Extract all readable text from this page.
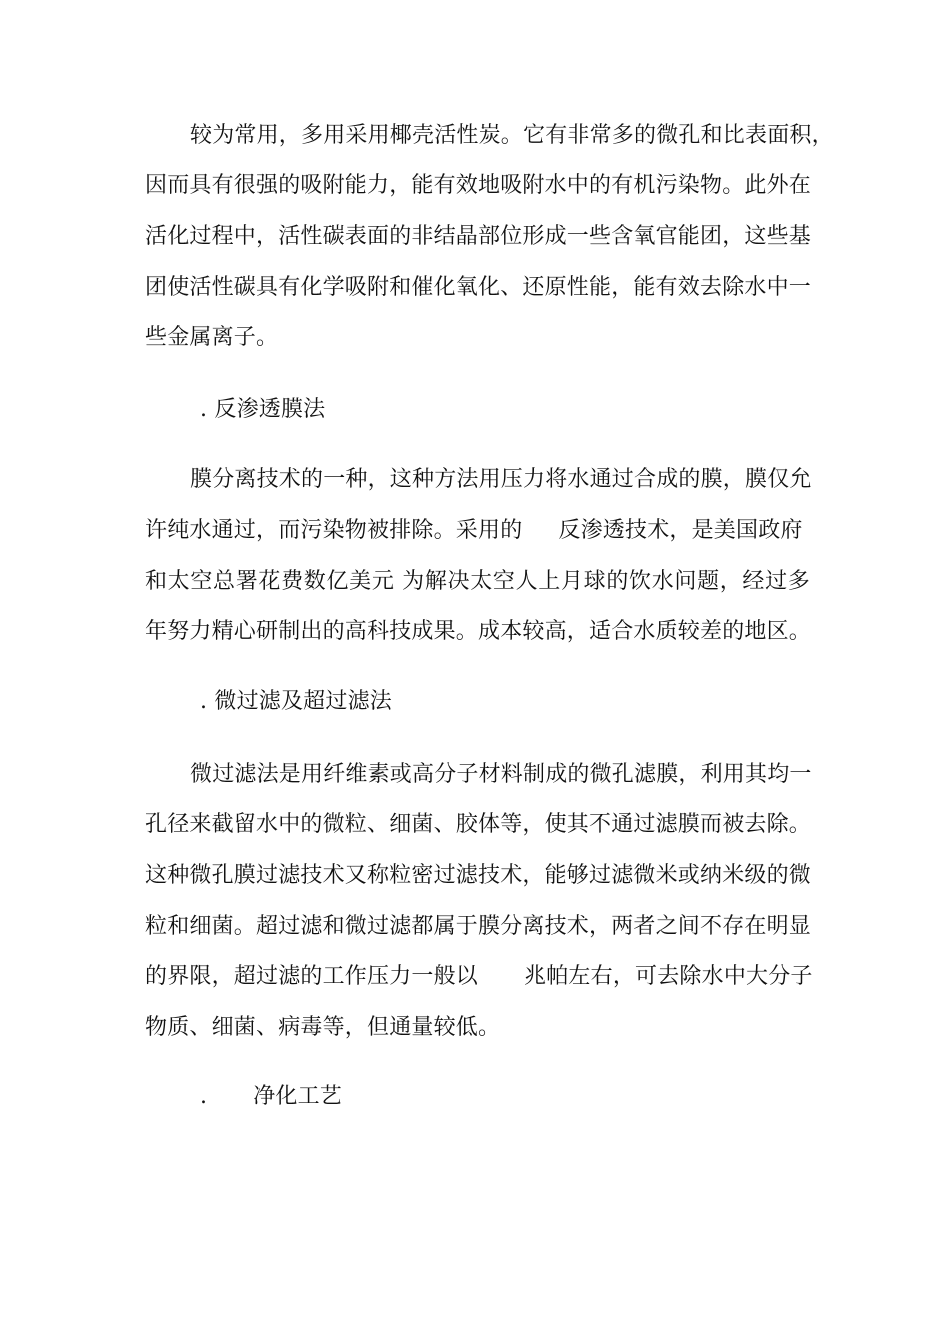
较为常用，多用采用椰壳活性炭。它有非常多的微孔和比表面积，
因而具有很强的吸附能力，能有效地吸附水中的有机污染物。此外在
活化过程中，活性碳表面的非结晶部位形成一些含氧官能团，这些基
团使活性碳具有化学吸附和催化氧化、还原性能，能有效去除水中一
些金属离子。
. 反渗透膜法
膜分离技术的一种，这种方法用压力将水通过合成的膜，膜仅允
许纯水通过，而污染物被排除。采用的 反渗透技术，是美国政府
和太空总署花费数亿美元 为解决太空人上月球的饮水问题，经过多
年努力精心研制出的高科技成果。成本较高，适合水质较差的地区。
. 微过滤及超过滤法
微过滤法是用纤维素或高分子材料制成的微孔滤膜，利用其均一
孔径来截留水中的微粒、细菌、胶体等，使其不通过滤膜而被去除。
这种微孔膜过滤技术又称粒密过滤技术，能够过滤微米或纳米级的微
粒和细菌。超过滤和微过滤都属于膜分离技术，两者之间不存在明显
的界限，超过滤的工作压力一般以 兆帕左右，可去除水中大分子
物质、细菌、病毒等，但通量较低。
. 净化工艺
